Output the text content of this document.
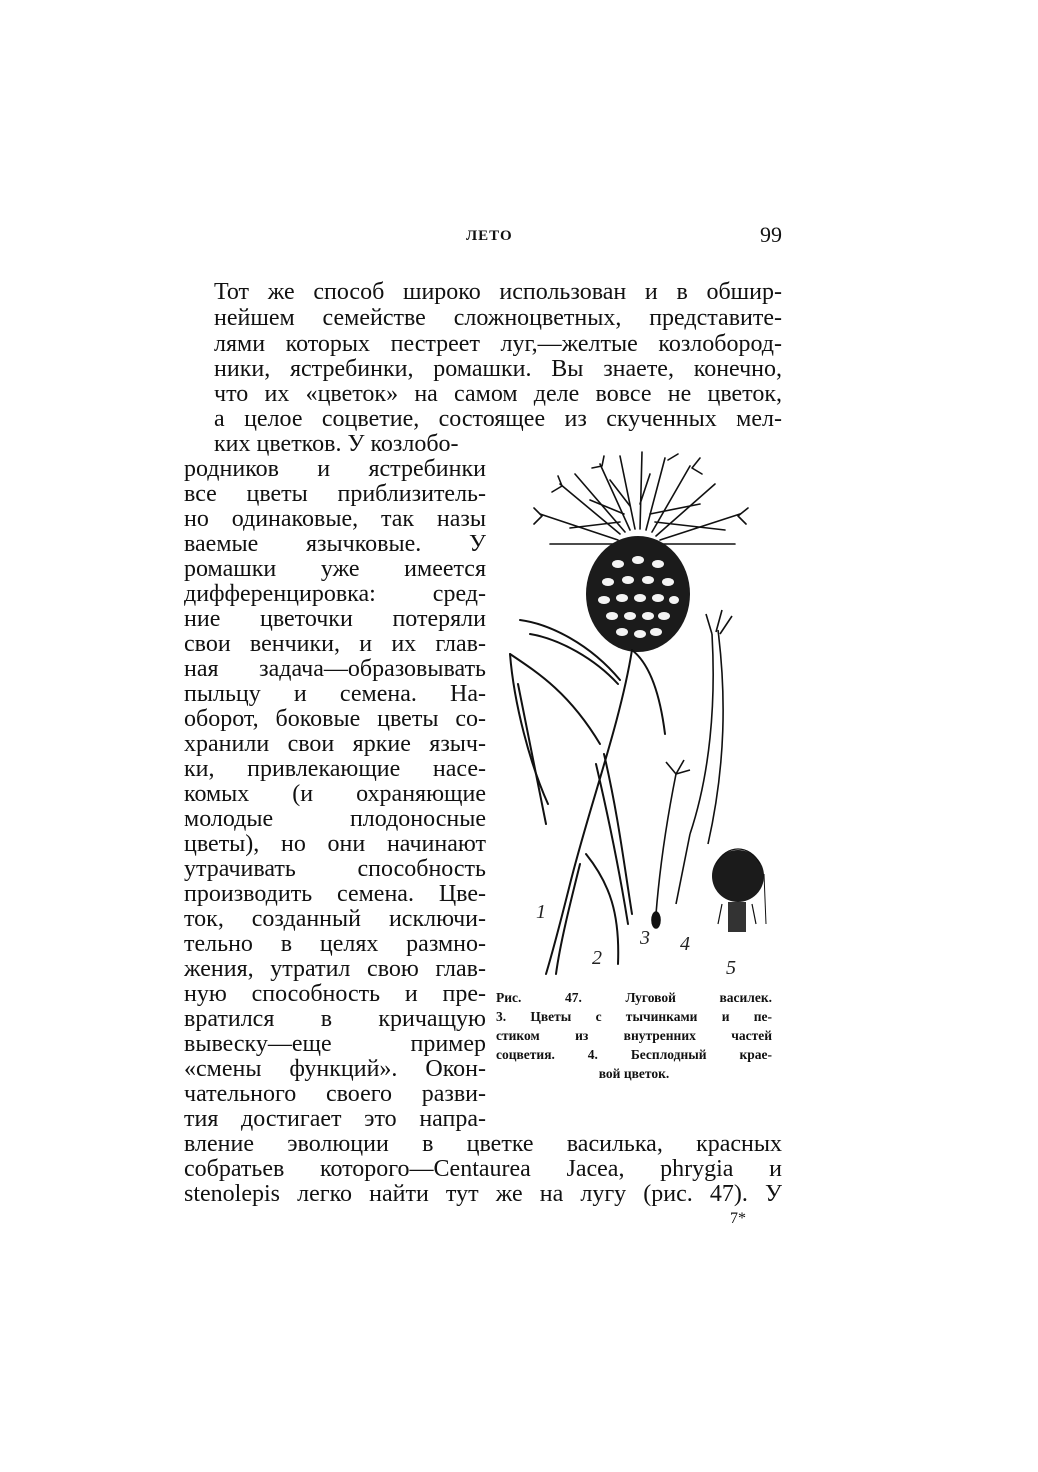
ЛЕТО	99
Тот же способ широко использован и в обшир-
нейшем семействе сложноцветных, представите-
лями которых пестреет луг,—желтые козлобород-
ники, ястребинки, ромашки. Вы знаете, конечно,
что их «цветок» на самом деле вовсе не цветок,
а целое соцветие, состоящее из скученных мел-
ких цветков. У козлобо-
родников и ястребинки
все цветы приблизитель-
но одинаковые, так назы
ваемые язычковые. У
ромашки уже имеется
дифференцировка: сред-
ние цветочки потеряли
свои венчики, и их глав-
ная задача—образовывать
пыльцу и семена. На-
оборот, боковые цветы со-
хранили свои яркие языч-
ки, привлекающие насе-
комых (и охраняющие
молодые плодоносные
цветы), но они начинают
утрачивать способность
производить семена. Цве-
ток, созданный исключи-
тельно в целях размно-
жения, утратил свою глав-
ную способность и пре-
вратился в кричащую
вывеску—еще пример
«смены функций». Окон-
чательного своего разви-
тия достигает это напра-
вление эволюции в цветке василька, красных
собратьев которого—Centaurea Jacea, phrygia и
stenolepis легко найти тут же на лугу (рис. 47). У
1
2
3 4
5
Рис. 47. Луговой василек.
3. Цветы с тычинками и пе-
стиком из внутренних частей
соцветия. 4. Бесплодный крае-
вой цветок.
7*
